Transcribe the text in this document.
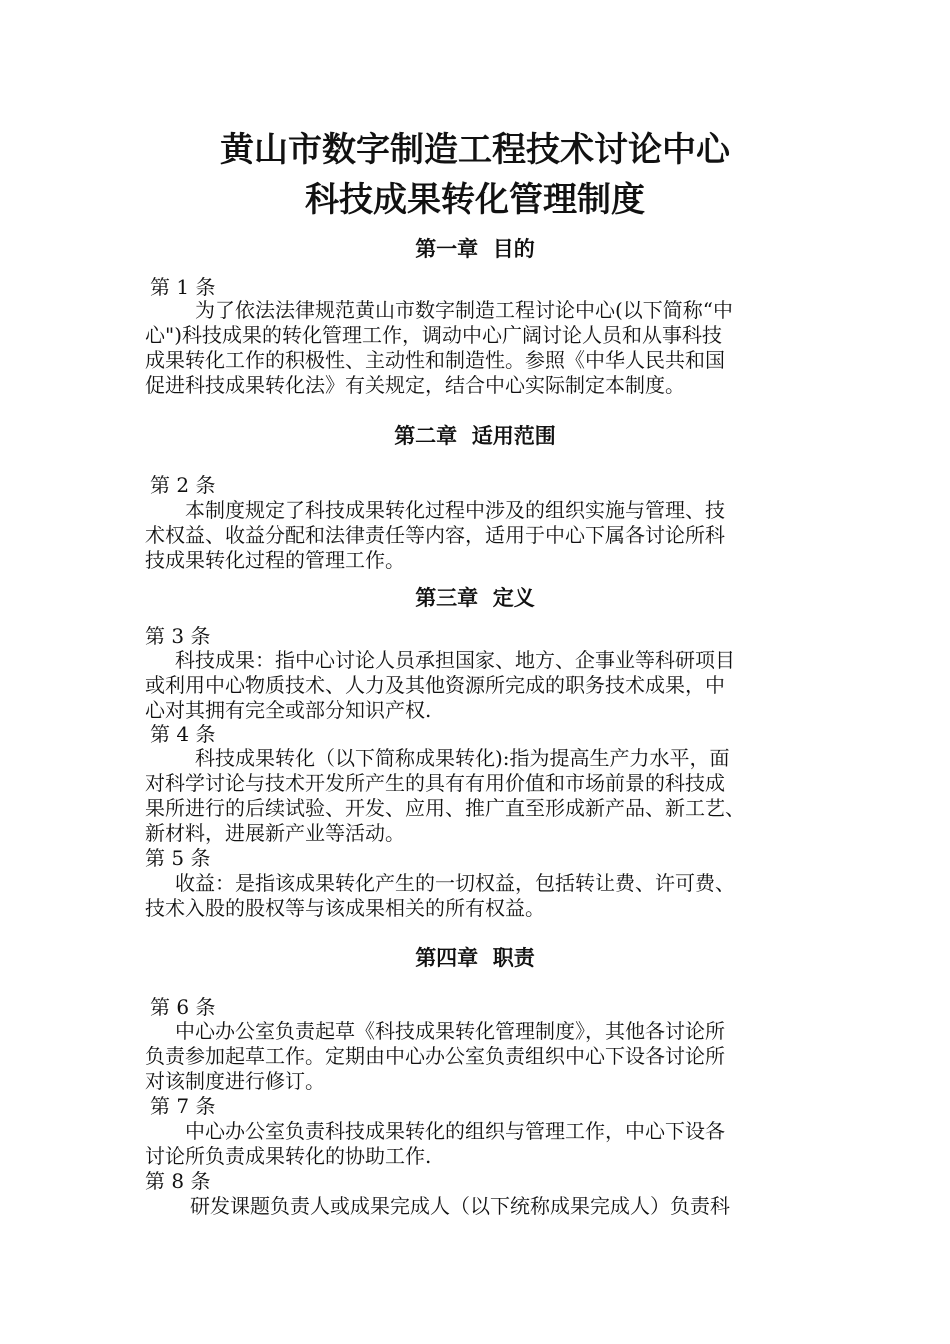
黄山市数字制造工程技术讨论中心
科技成果转化管理制度
第一章  目的
第 1 条
为了依法法律规范黄山市数字制造工程讨论中心(以下简称“中
心")科技成果的转化管理工作，调动中心广阔讨论人员和从事科技
成果转化工作的积极性、主动性和制造性。参照《中华人民共和国
促进科技成果转化法》有关规定，结合中心实际制定本制度。
第二章  适用范围
第 2 条
本制度规定了科技成果转化过程中涉及的组织实施与管理、技
术权益、收益分配和法律责任等内容，适用于中心下属各讨论所科
技成果转化过程的管理工作。
第三章  定义
第 3 条
科技成果：指中心讨论人员承担国家、地方、企事业等科研项目
或利用中心物质技术、人力及其他资源所完成的职务技术成果，中
心对其拥有完全或部分知识产权.
第 4 条
科技成果转化（以下简称成果转化):指为提高生产力水平，面
对科学讨论与技术开发所产生的具有有用价值和市场前景的科技成
果所进行的后续试验、开发、应用、推广直至形成新产品、新工艺、
新材料，进展新产业等活动。
第 5 条
收益：是指该成果转化产生的一切权益，包括转让费、许可费、
技术入股的股权等与该成果相关的所有权益。
第四章  职责
第 6 条
中心办公室负责起草《科技成果转化管理制度》，其他各讨论所
负责参加起草工作。定期由中心办公室负责组织中心下设各讨论所
对该制度进行修订。
第 7 条
中心办公室负责科技成果转化的组织与管理工作，中心下设各
讨论所负责成果转化的协助工作.
第 8 条
研发课题负责人或成果完成人（以下统称成果完成人）负责科
